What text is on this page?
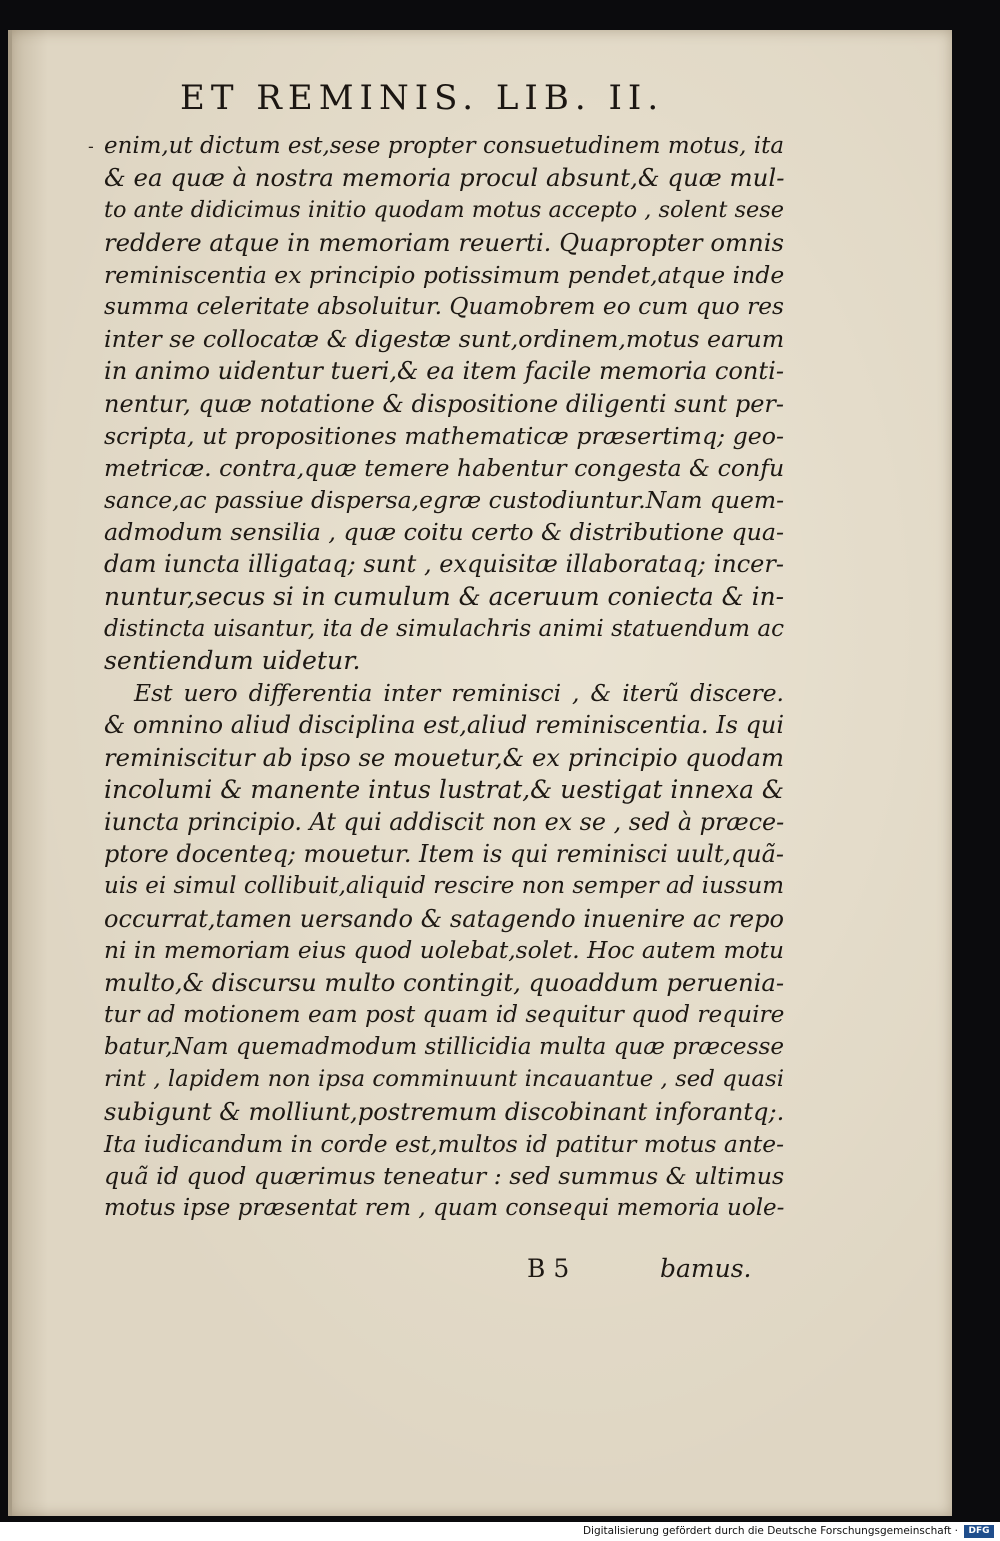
ET REMINIS. LIB. II.
- enim,ut dictum est,sese propter consuetudinem motus, ita
& ea quæ à nostra memoria procul absunt,& quæ mul-
to ante didicimus initio quodam motus accepto , solent sese
reddere atque in memoriam reuerti. Quapropter omnis
reminiscentia ex principio potissimum pendet,atque inde
summa celeritate absoluitur. Quamobrem eo cum quo res
inter se collocatæ & digestæ sunt,ordinem,motus earum
in animo uidentur tueri,& ea item facile memoria conti-
nentur, quæ notatione & dispositione diligenti sunt per-
scripta, ut propositiones mathematicæ præsertimq; geo-
metricæ. contra,quæ temere habentur congesta & confu
sance,ac passiue dispersa,egræ custodiuntur.Nam quem-
admodum sensilia , quæ coitu certo & distributione qua-
dam iuncta illigataq; sunt , exquisitæ illaborataq; incer-
nuntur,secus si in cumulum & aceruum coniecta & in-
distincta uisantur, ita de simulachris animi statuendum ac
sentiendum uidetur.
Est uero differentia inter reminisci , & iterũ discere.
& omnino aliud disciplina est,aliud reminiscentia. Is qui
reminiscitur ab ipso se mouetur,& ex principio quodam
incolumi & manente intus lustrat,& uestigat innexa &
iuncta principio. At qui addiscit non ex se , sed à præce-
ptore docenteq; mouetur. Item is qui reminisci uult,quã-
uis ei simul collibuit,aliquid rescire non semper ad iussum
occurrat,tamen uersando & satagendo inuenire ac repo
ni in memoriam eius quod uolebat,solet. Hoc autem motu
multo,& discursu multo contingit, quoaddum perueniа-
tur ad motionem eam post quam id sequitur quod require
batur,Nam quemadmodum stillicidia multa quæ præcesse
rint , lapidem non ipsa comminuunt incauantue , sed quasi
subigunt & molliunt,postremum discobinant inforantq;.
Ita iudicandum in corde est,multos id patitur motus ante-
quã id quod quærimus teneatur : sed summus & ultimus
motus ipse præsentat rem , quam consequi memoria uole-
B 5	bamus.
Digitalisierung gefördert durch die Deutsche Forschungsgemeinschaft ·	DFG
